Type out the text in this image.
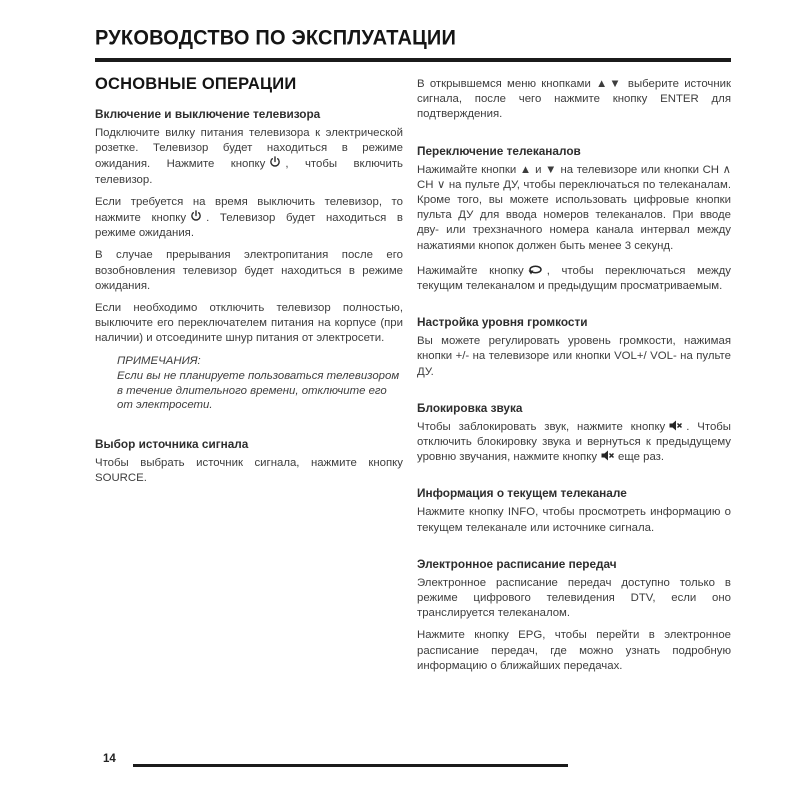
РУКОВОДСТВО ПО ЭКСПЛУАТАЦИИ
ОСНОВНЫЕ ОПЕРАЦИИ
Включение и выключение телевизора

Подключите вилку питания телевизора к электрической розетке. Телевизор будет находиться в режиме ожидания. Нажмите кнопку , чтобы включить телевизор.

Если требуется на время выключить телевизор, то нажмите кнопку . Телевизор будет находиться в режиме ожидания.

В случае прерывания электропитания после его возобновления телевизор будет находиться в режиме ожидания.

Если необходимо отключить телевизор полностью, выключите его переключателем питания на корпусе (при наличии) и отсоедините шнур питания от электросети.

ПРИМЕЧАНИЯ:

Если вы не планируете пользоваться телевизором в течение длительного времени, отключите его от электросети.

Выбор источника сигнала

Чтобы выбрать источник сигнала, нажмите кнопку SOURCE.

В открывшемся меню кнопками ▲▼ выберите источник сигнала, после чего нажмите кнопку ENTER для подтверждения.

Переключение телеканалов

Нажимайте кнопки ▲ и ▼ на телевизоре или кнопки CH ∧ CH ∨ на пульте ДУ, чтобы переключаться по телеканалам. Кроме того, вы можете использовать цифровые кнопки пульта ДУ для ввода номеров телеканалов. При вводе дву- или трехзначного номера канала интервал между нажатиями кнопок должен быть менее 3 секунд.

Нажимайте кнопку , чтобы переключаться между текущим телеканалом и предыдущим просматриваемым.

Настройка уровня громкости

Вы можете регулировать уровень громкости, нажимая кнопки +/- на телевизоре или кнопки VOL+/ VOL- на пульте ДУ.

Блокировка звука

Чтобы заблокировать звук, нажмите кнопку . Чтобы отключить блокировку звука и вернуться к предыдущему уровню звучания, нажмите кнопку еще раз.

Информация о текущем телеканале

Нажмите кнопку INFO, чтобы просмотреть информацию о текущем телеканале или источнике сигнала.

Электронное расписание передач

Электронное расписание передач доступно только в режиме цифрового телевидения DTV, если оно транслируется телеканалом.

Нажмите кнопку EPG, чтобы перейти в электронное расписание передач, где можно узнать подробную информацию о ближайших передачах.

14
